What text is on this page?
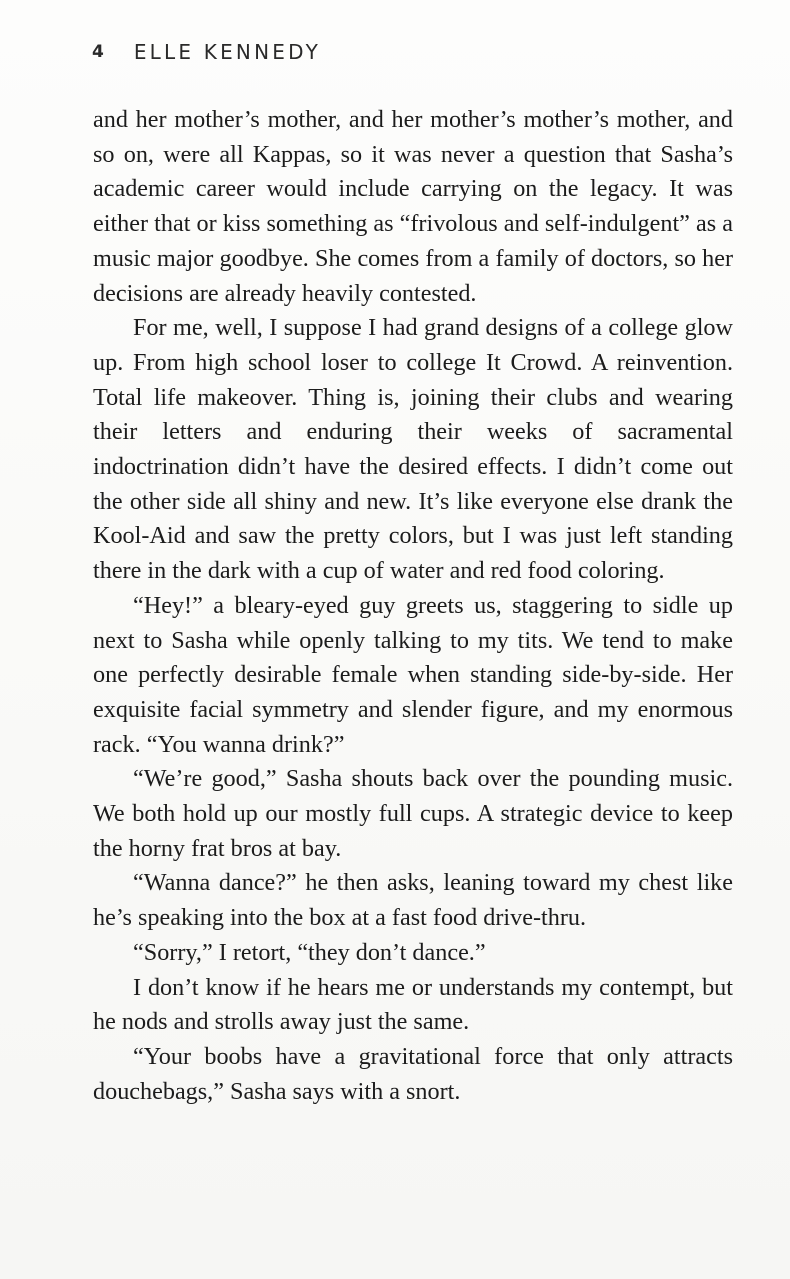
4 ELLE KENNEDY

and her mother’s mother, and her mother’s mother’s mother, and so on, were all Kappas, so it was never a question that Sasha’s academic career would include carrying on the legacy. It was either that or kiss something as “frivolous and self-indulgent” as a music major goodbye. She comes from a family of doctors, so her decisions are already heavily contested.

For me, well, I suppose I had grand designs of a college glow up. From high school loser to college It Crowd. A reinvention. Total life makeover. Thing is, joining their clubs and wearing their letters and enduring their weeks of sacramental indoctrination didn’t have the desired effects. I didn’t come out the other side all shiny and new. It’s like everyone else drank the Kool-Aid and saw the pretty colors, but I was just left standing there in the dark with a cup of water and red food coloring.

“Hey!” a bleary-eyed guy greets us, staggering to sidle up next to Sasha while openly talking to my tits. We tend to make one perfectly desirable female when standing side-by-side. Her exquisite facial symmetry and slender figure, and my enormous rack. “You wanna drink?”

“We’re good,” Sasha shouts back over the pounding music. We both hold up our mostly full cups. A strategic device to keep the horny frat bros at bay.

“Wanna dance?” he then asks, leaning toward my chest like he’s speaking into the box at a fast food drive-thru.

“Sorry,” I retort, “they don’t dance.”

I don’t know if he hears me or understands my contempt, but he nods and strolls away just the same.

“Your boobs have a gravitational force that only attracts douchebags,” Sasha says with a snort.
